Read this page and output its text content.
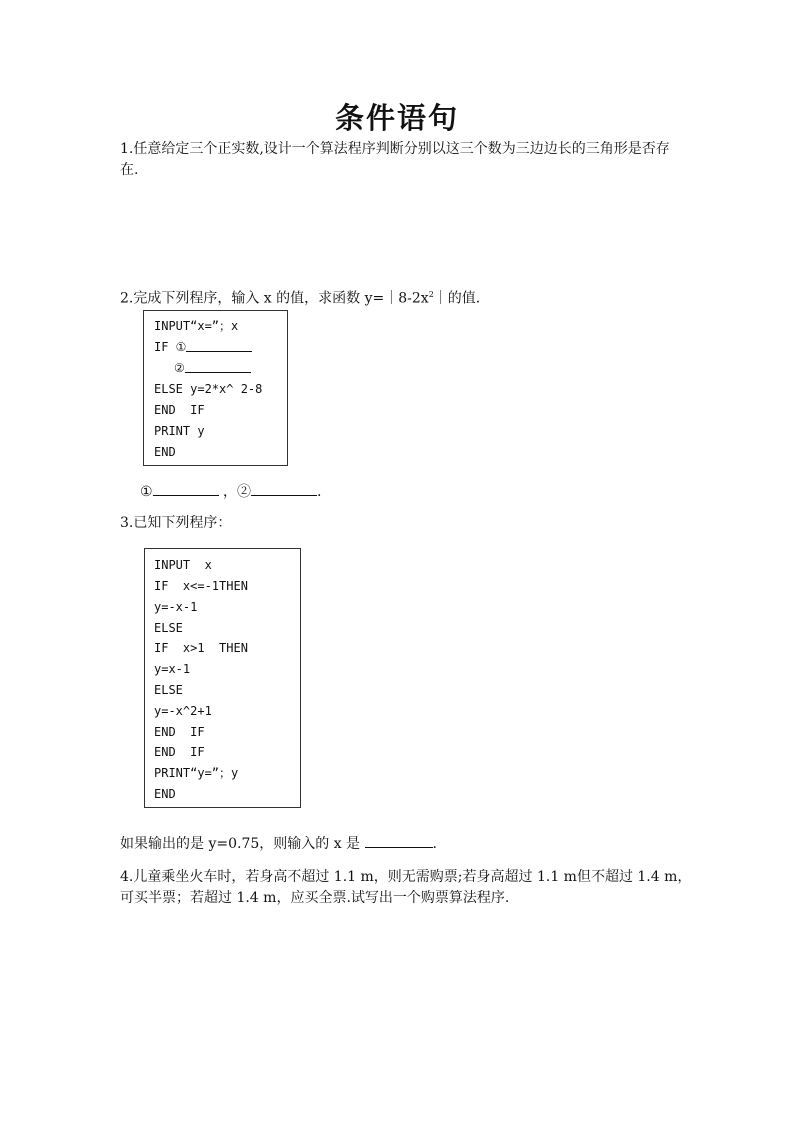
条件语句
1.任意给定三个正实数,设计一个算法程序判断分别以这三个数为三边边长的三角形是否存
在.
2.完成下列程序，输入 x 的值，求函数 $y=|8-2x^2|$的值.
INPUT“x=”；x
IF ①
②
ELSE y=2*x^ 2-8
END  IF
PRINT y
END
①	，②	.
3.已知下列程序：
INPUT  x
IF  x<=-1THEN
y=-x-1
ELSE
IF  x>1  THEN
y=x-1
ELSE
y=-x^2+1
END  IF
END  IF
PRINT“y=”；y
END
如果输出的是 y=0.75，则输入的 x 是	.
4.儿童乘坐火车时，若身高不超过 1.1 m，则无需购票;若身高超过 1.1 m但不超过 1.4 m，
可买半票；若超过 1.4 m，应买全票.试写出一个购票算法程序.
